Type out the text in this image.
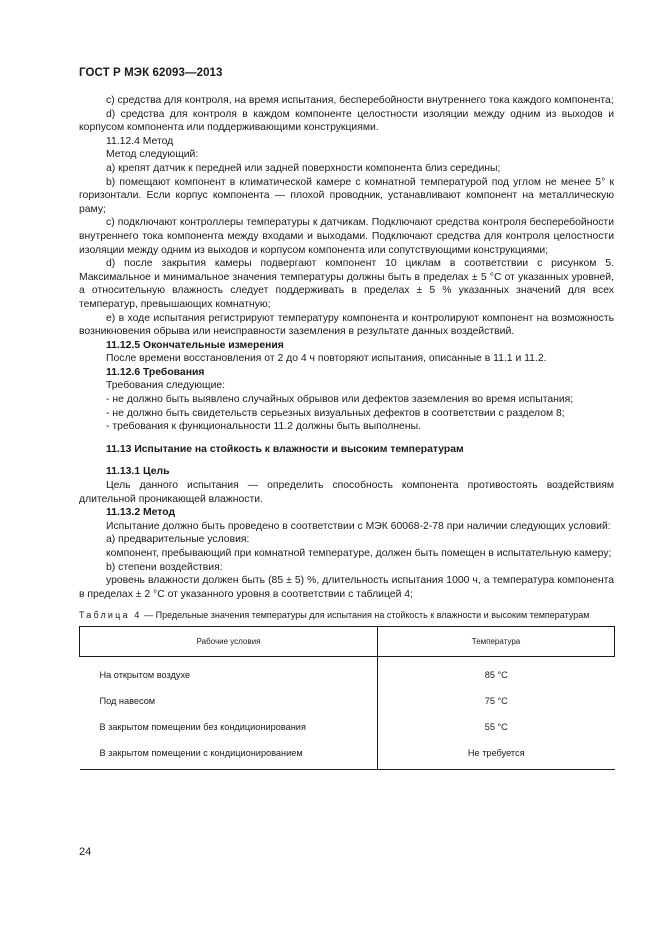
ГОСТ Р МЭК 62093—2013

c) средства для контроля, на время испытания, бесперебойности внутреннего тока каждого компонента;

d) средства для контроля в каждом компоненте целостности изоляции между одним из выходов и корпусом компонента или поддерживающими конструкциями.

11.12.4 Метод

Метод следующий:

a) крепят датчик к передней или задней поверхности компонента близ середины;

b) помещают компонент в климатической камере с комнатной температурой под углом не менее 5° к горизонтали. Если корпус компонента — плохой проводник, устанавливают компонент на металлическую раму;

c) подключают контроллеры температуры к датчикам. Подключают средства контроля бесперебойности внутреннего тока компонента между входами и выходами. Подключают средства для контроля целостности изоляции между одним из выходов и корпусом компонента или сопутствующими конструкциями;

d) после закрытия камеры подвергают компонент 10 циклам в соответствии с рисунком 5. Максимальное и минимальное значения температуры должны быть в пределах ± 5 °C от указанных уровней, а относительную влажность следует поддерживать в пределах ± 5 % указанных значений для всех температур, превышающих комнатную;

e) в ходе испытания регистрируют температуру компонента и контролируют компонент на возможность возникновения обрыва или неисправности заземления в результате данных воздействий.

11.12.5 Окончательные измерения

После времени восстановления от 2 до 4 ч повторяют испытания, описанные в 11.1 и 11.2.

11.12.6 Требования

Требования следующие:

- не должно быть выявлено случайных обрывов или дефектов заземления во время испытания;

- не должно быть свидетельств серьезных визуальных дефектов в соответствии с разделом 8;

- требования к функциональности 11.2 должны быть выполнены.

11.13 Испытание на стойкость к влажности и высоким температурам

11.13.1 Цель

Цель данного испытания — определить способность компонента противостоять воздействиям длительной проникающей влажности.

11.13.2 Метод

Испытание должно быть проведено в соответствии с МЭК 60068-2-78 при наличии следующих условий:

a) предварительные условия:

компонент, пребывающий при комнатной температуре, должен быть помещен в испытательную камеру;

b) степени воздействия:

уровень влажности должен быть (85 ± 5) %, длительность испытания 1000 ч, а температура компонента в пределах ± 2 °C от указанного уровня в соответствии с таблицей 4;

Таблица 4 — Предельные значения температуры для испытания на стойкость к влажности и высоким температурам
Рабочие условия	Температура
На открытом воздухе	85 °C
Под навесом	75 °C
В закрытом помещении без кондиционирования	55 °C
В закрытом помещении с кондиционированием	Не требуется
24
